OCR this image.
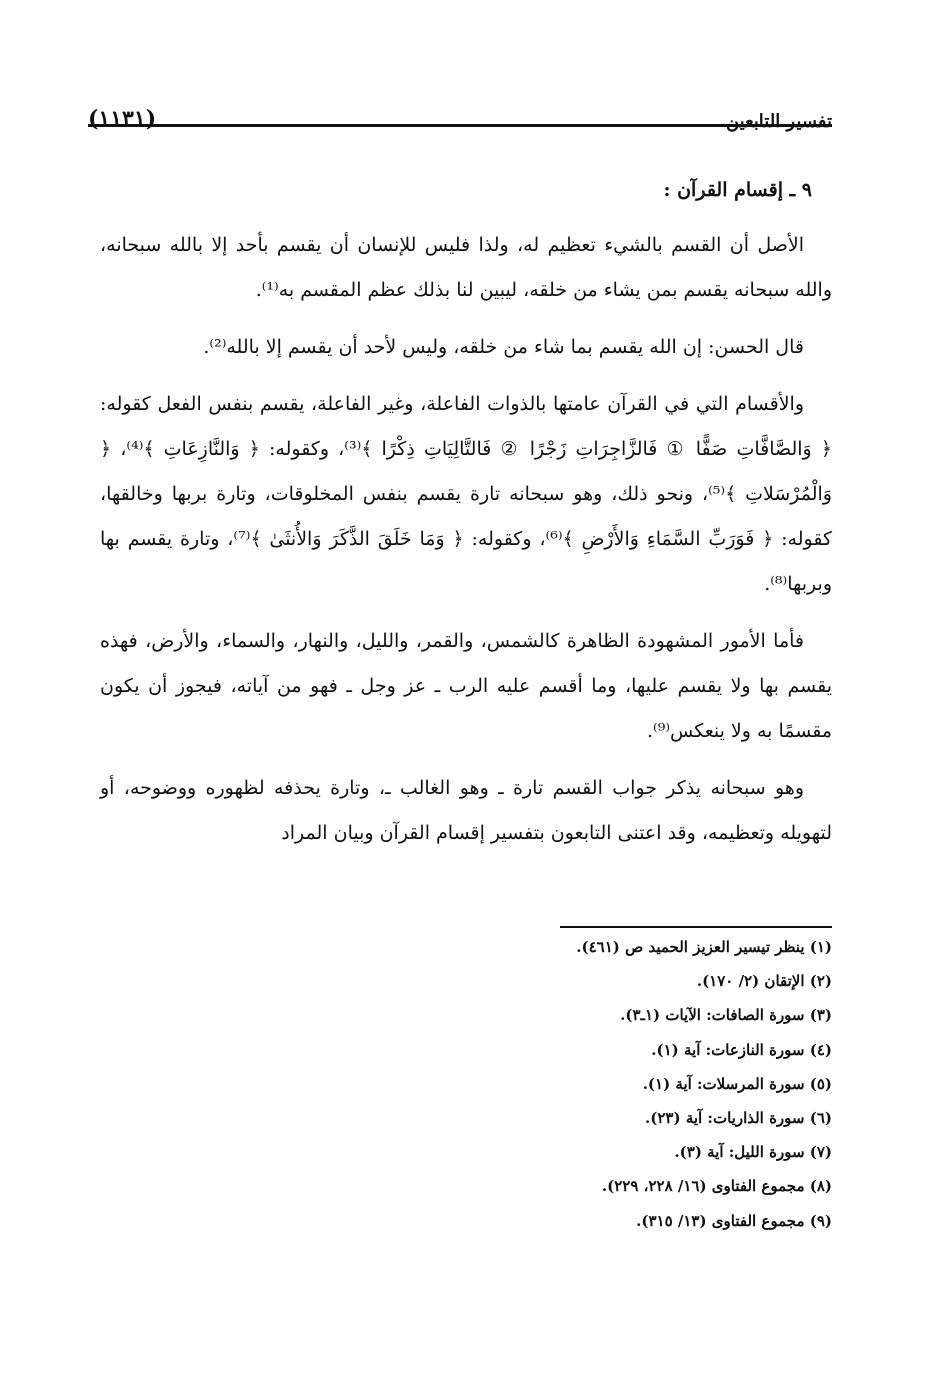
(١١٣١)	تفسير التابعين
٩ ـ إقسام القرآن :

الأصل أن القسم بالشيء تعظيم له، ولذا فليس للإنسان أن يقسم بأحد إلا بالله سبحانه، والله سبحانه يقسم بمن يشاء من خلقه، ليبين لنا بذلك عظم المقسم به⁽¹⁾.

قال الحسن: إن الله يقسم بما شاء من خلقه، وليس لأحد أن يقسم إلا بالله⁽²⁾.

والأقسام التي في القرآن عامتها بالذوات الفاعلة، وغير الفاعلة، يقسم بنفس الفعل كقوله: ﴿ وَالصَّافَّاتِ صَفًّا ① فَالزَّاجِرَاتِ زَجْرًا ② فَالتَّالِيَاتِ ذِكْرًا ﴾⁽³⁾، وكقوله: ﴿ وَالنَّازِعَاتِ ﴾⁽⁴⁾، ﴿ وَالْمُرْسَلاتِ ﴾⁽⁵⁾، ونحو ذلك، وهو سبحانه تارة يقسم بنفس المخلوقات، وتارة بربها وخالقها، كقوله: ﴿ فَوَرَبِّ السَّمَاءِ وَالأَرْضِ ﴾⁽⁶⁾، وكقوله: ﴿ وَمَا خَلَقَ الذَّكَرَ وَالأُنثَىٰ ﴾⁽⁷⁾، وتارة يقسم بها وبربها⁽⁸⁾.

فأما الأمور المشهودة الظاهرة كالشمس، والقمر، والليل، والنهار، والسماء، والأرض، فهذه يقسم بها ولا يقسم عليها، وما أقسم عليه الرب ـ عز وجل ـ فهو من آياته، فيجوز أن يكون مقسمًا به ولا ينعكس⁽⁹⁾.

وهو سبحانه يذكر جواب القسم تارة ـ وهو الغالب ـ، وتارة يحذفه لظهوره ووضوحه، أو لتهويله وتعظيمه، وقد اعتنى التابعون بتفسير إقسام القرآن وبيان المراد

(١) ينظر تيسير العزيز الحميد ص (٤٦١).
(٢) الإتقان (٢/ ١٧٠).
(٣) سورة الصافات: الآيات (١ـ٣).
(٤) سورة النازعات: آية (١).
(٥) سورة المرسلات: آية (١).
(٦) سورة الذاريات: آية (٢٣).
(٧) سورة الليل: آية (٣).
(٨) مجموع الفتاوى (١٦/ ٢٢٨، ٢٢٩).
(٩) مجموع الفتاوى (١٣/ ٣١٥).
